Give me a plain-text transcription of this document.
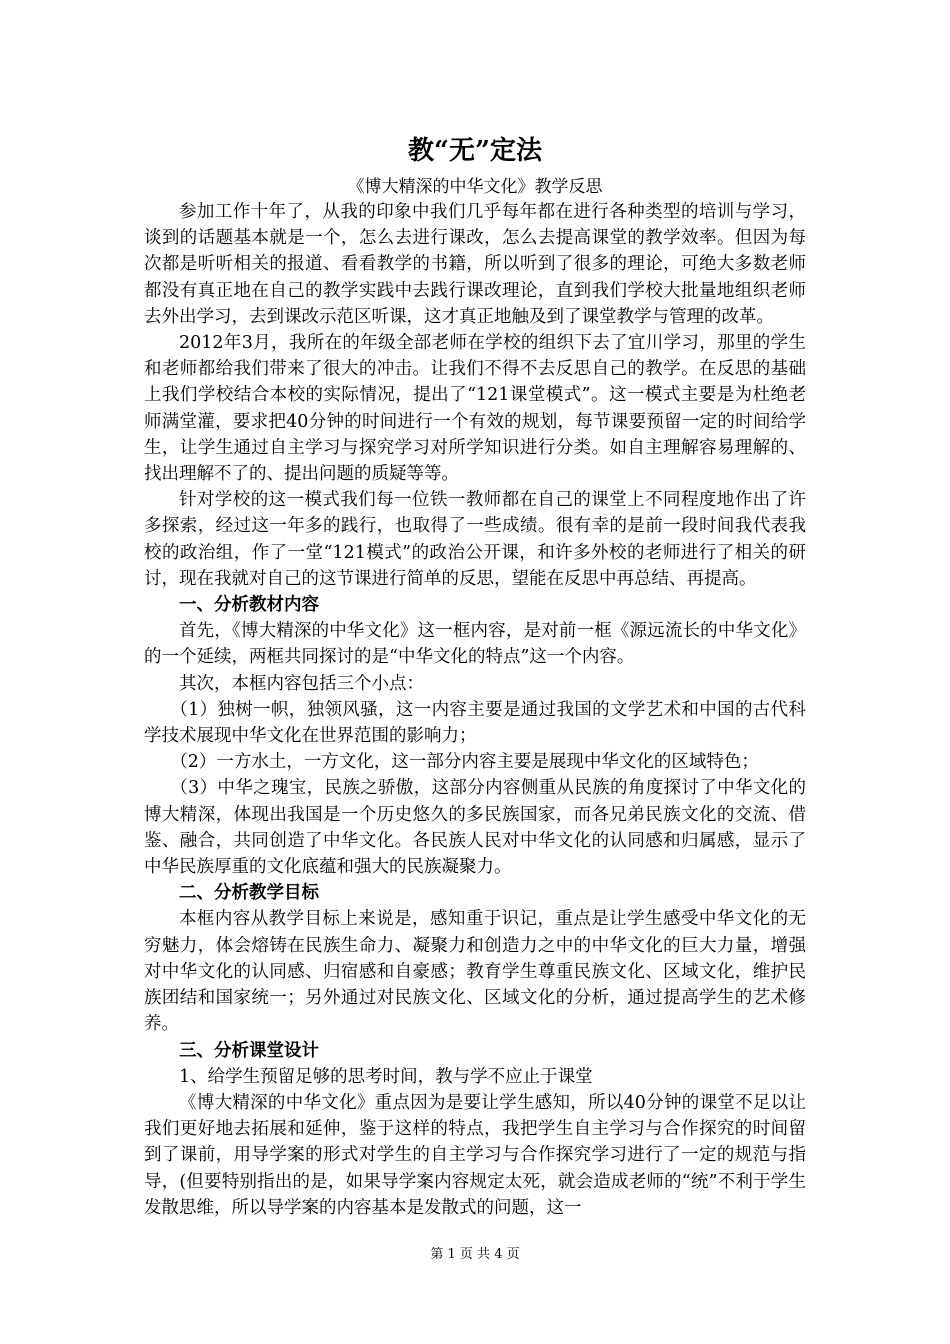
教“无”定法
《博大精深的中华文化》教学反思

参加工作十年了，从我的印象中我们几乎每年都在进行各种类型的培训与学习，谈到的话题基本就是一个，怎么去进行课改，怎么去提高课堂的教学效率。但因为每次都是听听相关的报道、看看教学的书籍，所以听到了很多的理论，可绝大多数老师都没有真正地在自己的教学实践中去践行课改理论，直到我们学校大批量地组织老师去外出学习，去到课改示范区听课，这才真正地触及到了课堂教学与管理的改革。

2012年3月，我所在的年级全部老师在学校的组织下去了宜川学习，那里的学生和老师都给我们带来了很大的冲击。让我们不得不去反思自己的教学。在反思的基础上我们学校结合本校的实际情况，提出了“121课堂模式”。这一模式主要是为杜绝老师满堂灌，要求把40分钟的时间进行一个有效的规划，每节课要预留一定的时间给学生，让学生通过自主学习与探究学习对所学知识进行分类。如自主理解容易理解的、找出理解不了的、提出问题的质疑等等。

针对学校的这一模式我们每一位铁一教师都在自己的课堂上不同程度地作出了许多探索，经过这一年多的践行，也取得了一些成绩。很有幸的是前一段时间我代表我校的政治组，作了一堂“121模式”的政治公开课，和许多外校的老师进行了相关的研讨，现在我就对自己的这节课进行简单的反思，望能在反思中再总结、再提高。

一、分析教材内容

首先，《博大精深的中华文化》这一框内容，是对前一框《源远流长的中华文化》的一个延续，两框共同探讨的是“中华文化的特点”这一个内容。

其次，本框内容包括三个小点：

（1）独树一帜，独领风骚，这一内容主要是通过我国的文学艺术和中国的古代科学技术展现中华文化在世界范围的影响力；

（2）一方水土，一方文化，这一部分内容主要是展现中华文化的区域特色；

（3）中华之瑰宝，民族之骄傲，这部分内容侧重从民族的角度探讨了中华文化的博大精深，体现出我国是一个历史悠久的多民族国家，而各兄弟民族文化的交流、借鉴、融合，共同创造了中华文化。各民族人民对中华文化的认同感和归属感，显示了中华民族厚重的文化底蕴和强大的民族凝聚力。

二、分析教学目标

本框内容从教学目标上来说是，感知重于识记，重点是让学生感受中华文化的无穷魅力，体会熔铸在民族生命力、凝聚力和创造力之中的中华文化的巨大力量，增强对中华文化的认同感、归宿感和自豪感；教育学生尊重民族文化、区域文化，维护民族团结和国家统一；另外通过对民族文化、区域文化的分析，通过提高学生的艺术修养。

三、分析课堂设计

1、给学生预留足够的思考时间，教与学不应止于课堂

《博大精深的中华文化》重点因为是要让学生感知，所以40分钟的课堂不足以让我们更好地去拓展和延伸，鉴于这样的特点，我把学生自主学习与合作探究的时间留到了课前，用导学案的形式对学生的自主学习与合作探究学习进行了一定的规范与指导，(但要特别指出的是，如果导学案内容规定太死，就会造成老师的“统”不利于学生发散思维，所以导学案的内容基本是发散式的问题，这一

第 1 页 共 4 页
